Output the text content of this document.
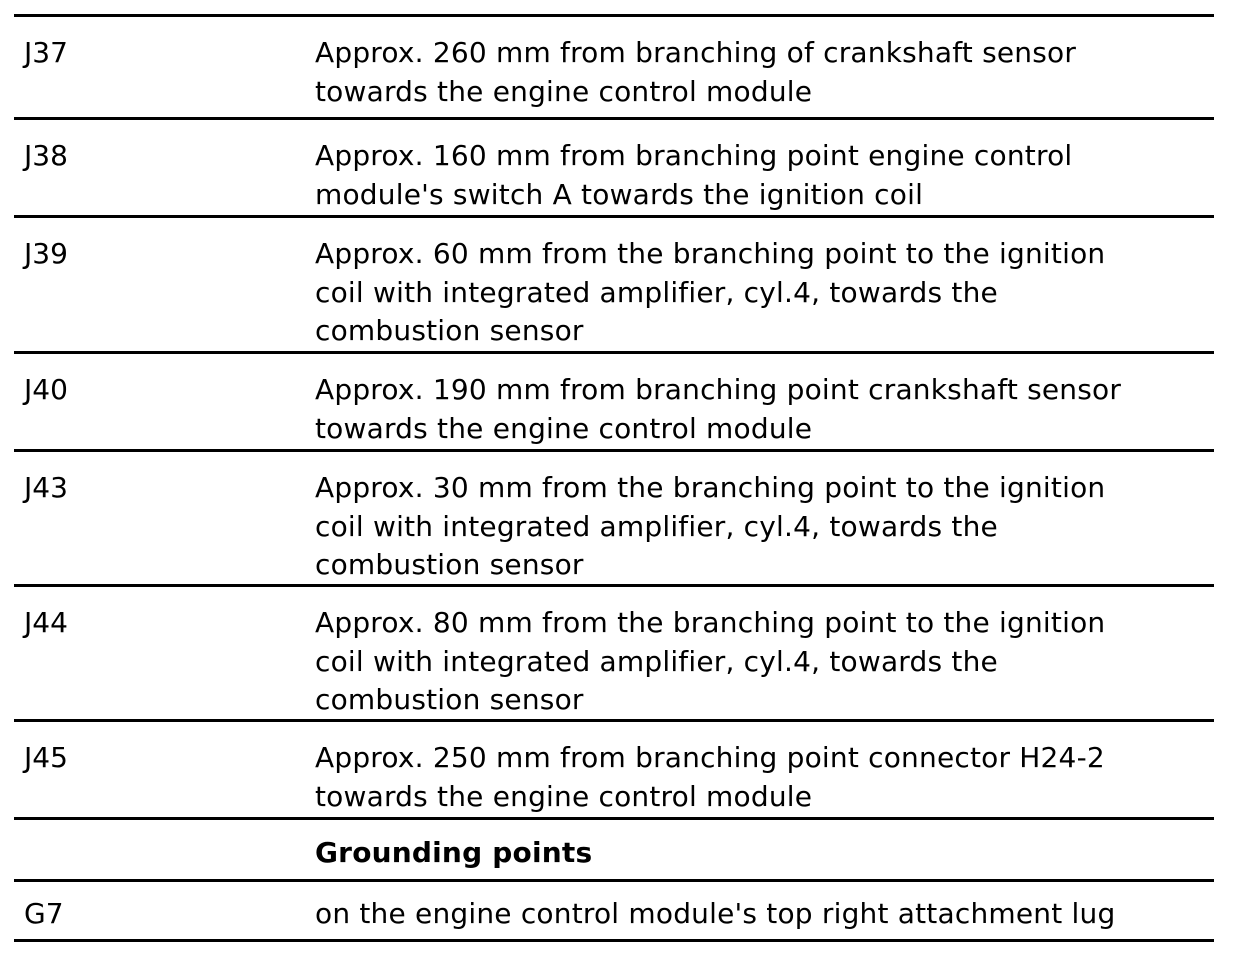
J37	Approx. 260 mm from branching of crankshaft sensor
towards the engine control module
J38	Approx. 160 mm from branching point engine control
module's switch A towards the ignition coil
J39	Approx. 60 mm from the branching point to the ignition
coil with integrated amplifier, cyl.4, towards the
combustion sensor
J40	Approx. 190 mm from branching point crankshaft sensor
towards the engine control module
J43	Approx. 30 mm from the branching point to the ignition
coil with integrated amplifier, cyl.4, towards the
combustion sensor
J44	Approx. 80 mm from the branching point to the ignition
coil with integrated amplifier, cyl.4, towards the
combustion sensor
J45	Approx. 250 mm from branching point connector H24-2
towards the engine control module
Grounding points
G7	on the engine control module's top right attachment lug
